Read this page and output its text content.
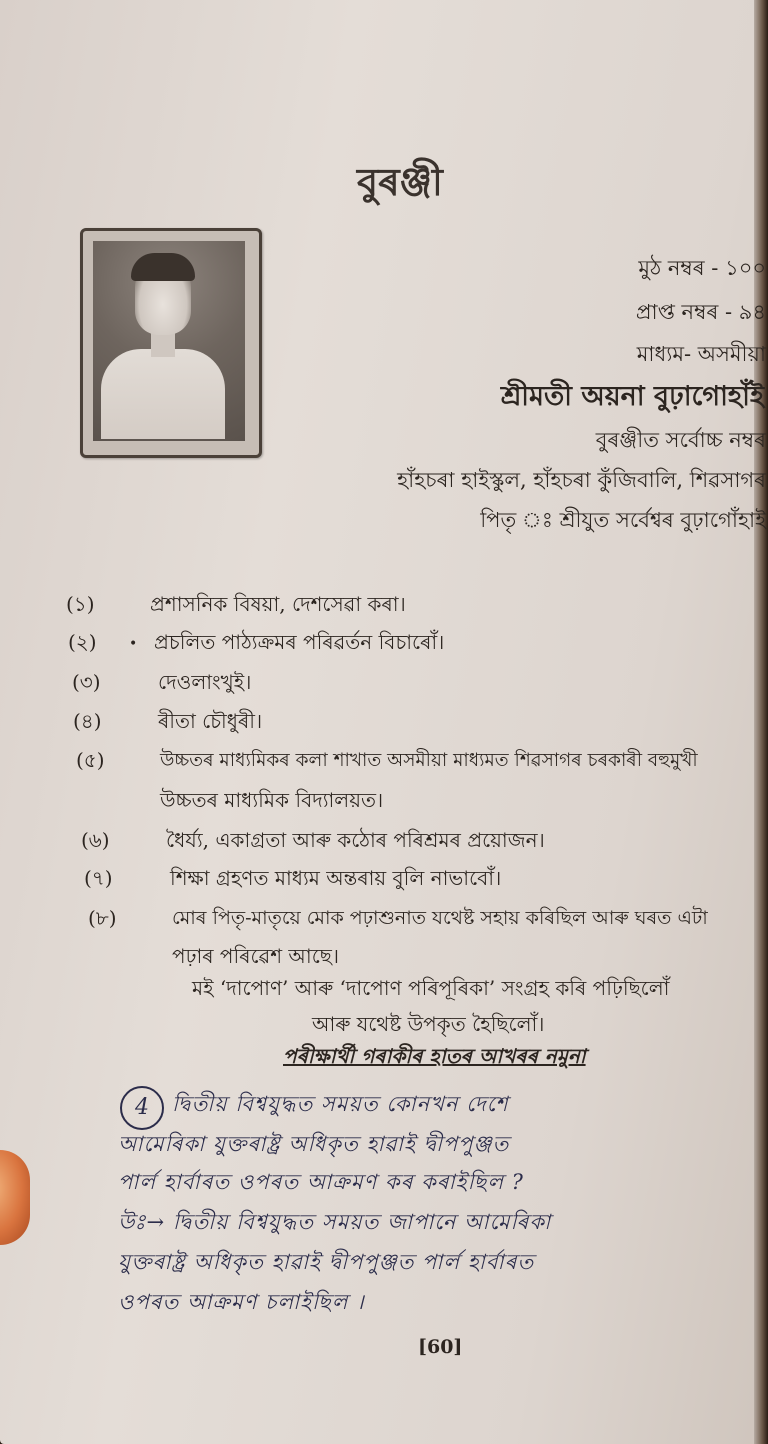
বুৰঞ্জী
মুঠ নম্বৰ - ১০০
প্ৰাপ্ত নম্বৰ - ৯৪
মাধ্যম- অসমীয়া
শ্ৰীমতী অয়না বুঢ়াগোহাঁই
বুৰঞ্জীত সৰ্বোচ্চ নম্বৰ
হাঁহচৰা হাইস্কুল, হাঁহচৰা কুঁজিবালি, শিৱসাগৰ
পিতৃ ঃ শ্ৰীযুত সৰ্বেশ্বৰ বুঢ়াগোঁহাই
(১)	প্ৰশাসনিক বিষয়া, দেশসেৱা কৰা।
(২)	প্ৰচলিত পাঠ্যক্ৰমৰ পৰিৱৰ্তন বিচাৰোঁ।
•
(৩)	দেওলাংখুই।
(৪)	ৰীতা চৌধুৰী।
(৫)	উচ্চতৰ মাধ্যমিকৰ কলা শাখাত অসমীয়া মাধ্যমত শিৱসাগৰ চৰকাৰী বহুমুখী
উচ্চতৰ মাধ্যমিক বিদ্যালয়ত।
(৬)	ধৈৰ্য্য, একাগ্ৰতা আৰু কঠোৰ পৰিশ্ৰমৰ প্ৰয়োজন।
(৭)	শিক্ষা গ্ৰহণত মাধ্যম অন্তৰায় বুলি নাভাবোঁ।
(৮)	মোৰ পিতৃ-মাতৃয়ে মোক পঢ়াশুনাত যথেষ্ট সহায় কৰিছিল আৰু ঘৰত এটা
পঢ়াৰ পৰিৱেশ আছে।
মই ‘দাপোণ’ আৰু ‘দাপোণ পৰিপূৰিকা’ সংগ্ৰহ কৰি পঢ়িছিলোঁ
আৰু যথেষ্ট উপকৃত হৈছিলোঁ।
পৰীক্ষাৰ্থী গৰাকীৰ হাতৰ আখৰৰ নমুনা
4	দ্বিতীয় বিশ্বযুদ্ধত সময়ত কোনখন দেশে
আমেৰিকা যুক্তৰাষ্ট্ৰ অধিকৃত হাৱাই দ্বীপপুঞ্জত
পাৰ্ল হাৰ্বাৰত ওপৰত আক্ৰমণ কৰ কৰাইছিল ?
উঃ→ দ্বিতীয় বিশ্বযুদ্ধত সময়ত জাপানে আমেৰিকা
যুক্তৰাষ্ট্ৰ অধিকৃত হাৱাই দ্বীপপুঞ্জত পাৰ্ল হাৰ্বাৰত
ওপৰত আক্ৰমণ চলাইছিল ।
[60]
